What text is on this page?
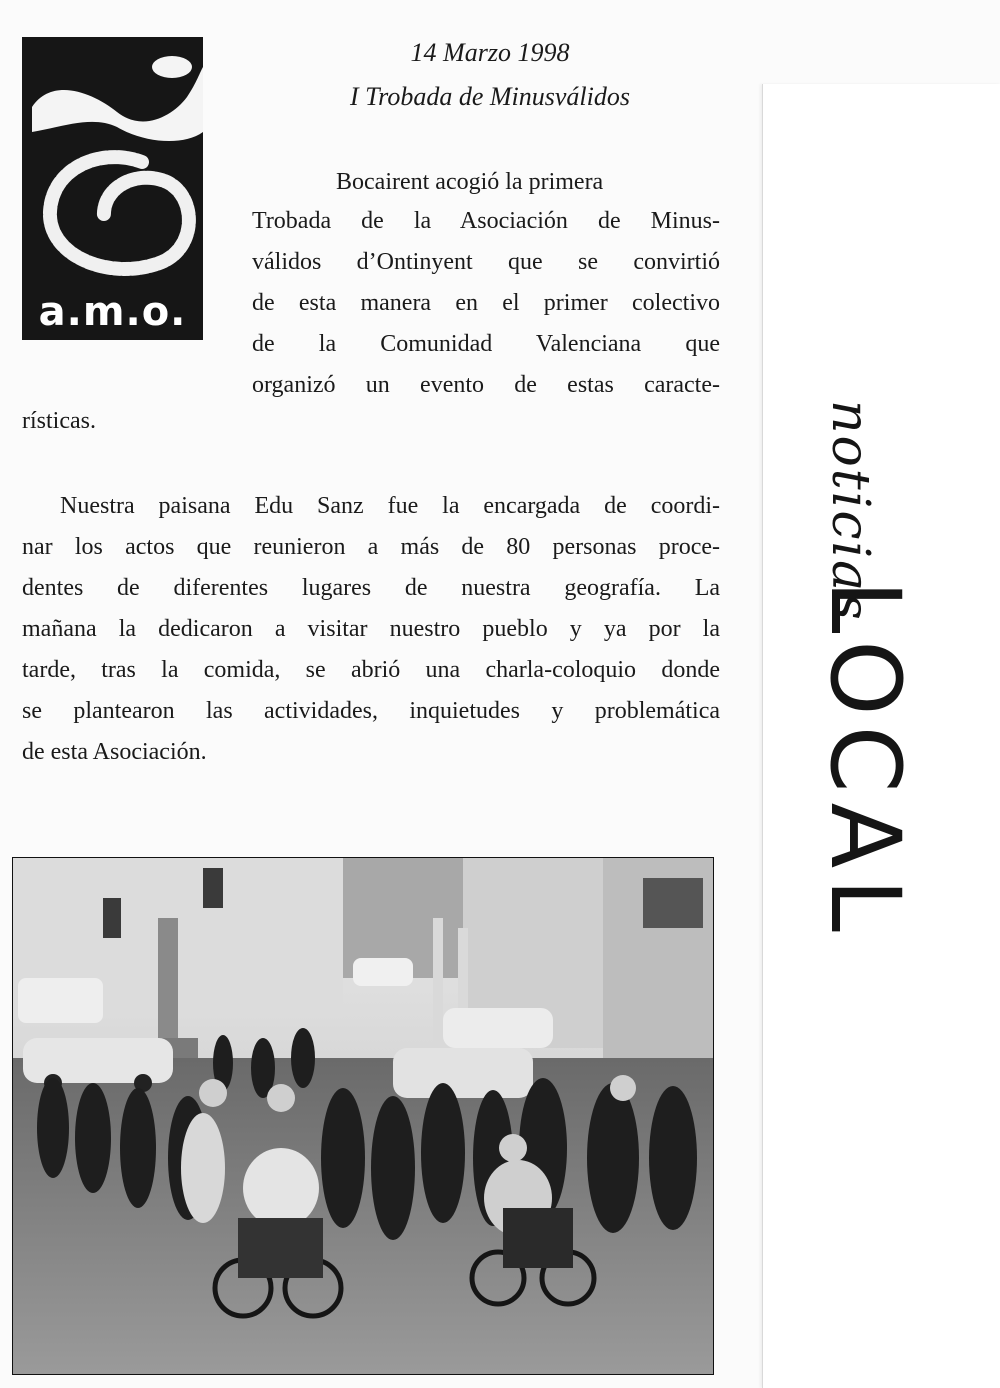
a.m.o.
14 Marzo 1998
I Trobada de Minusválidos
Bocairent acogió la primera
Trobada de la Asociación de Minus-
válidos d’Ontinyent que se convirtió
de esta manera en el primer colectivo
de la Comunidad Valenciana que
organizó un evento de estas caracte-
rísticas.
Nuestra paisana Edu Sanz fue la encargada de coordi-
nar los actos que reunieron a más de 80 personas proce-
dentes de diferentes lugares de nuestra geografía. La
mañana la dedicaron a visitar nuestro pueblo y ya por la
tarde, tras la comida, se abrió una charla-coloquio donde
se plantearon las actividades, inquietudes y problemática
de esta Asociación.
noticias
LOCAL
